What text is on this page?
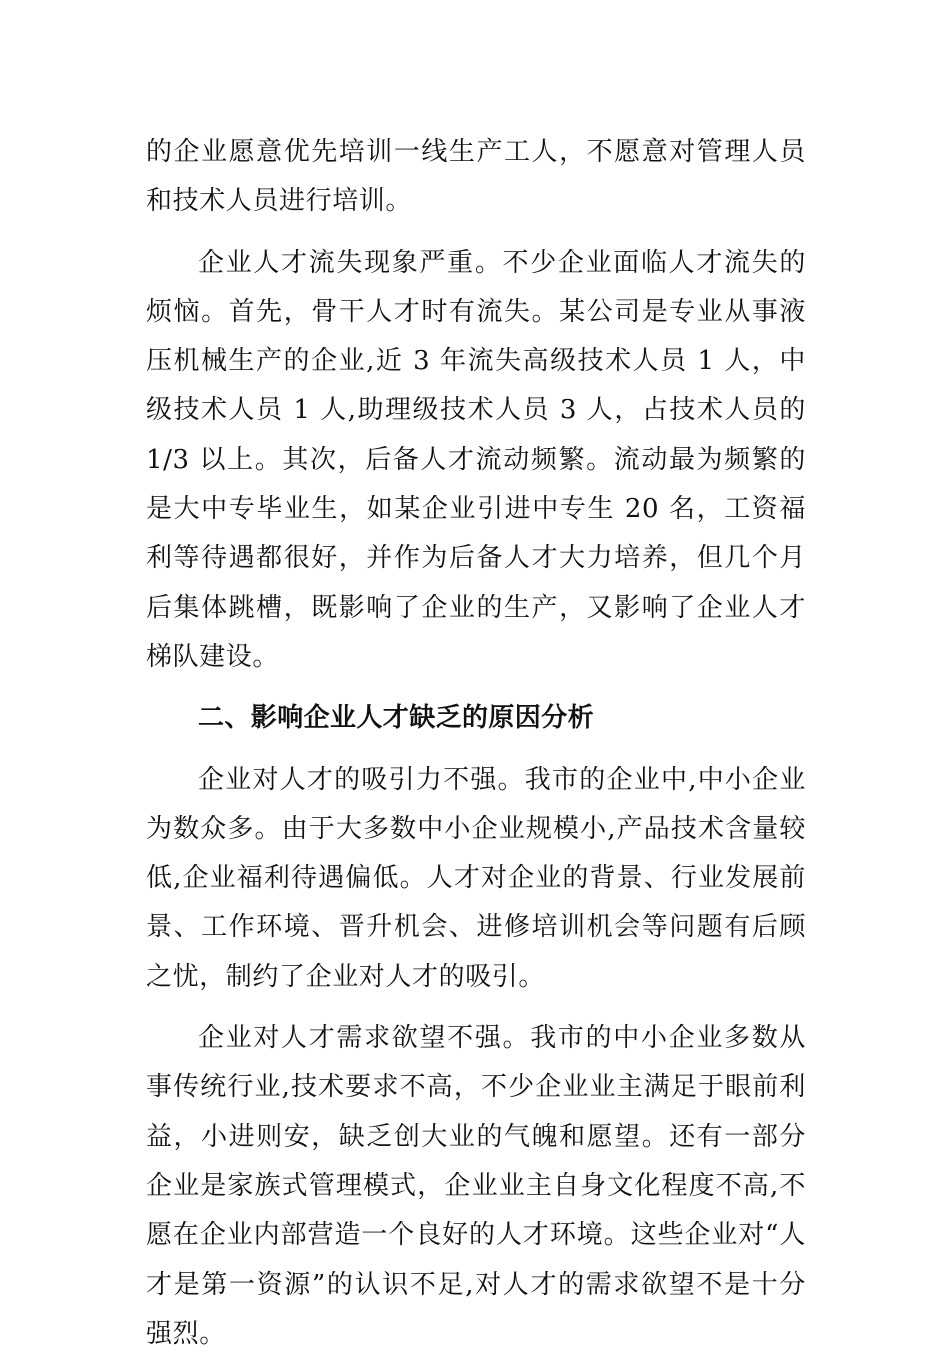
的企业愿意优先培训一线生产工人，不愿意对管理人员和技术人员进行培训。

企业人才流失现象严重。不少企业面临人才流失的烦恼。首先，骨干人才时有流失。某公司是专业从事液压机械生产的企业,近 3 年流失高级技术人员 1 人，中级技术人员 1 人,助理级技术人员 3 人，占技术人员的 1/3 以上。其次，后备人才流动频繁。流动最为频繁的是大中专毕业生，如某企业引进中专生 20 名，工资福利等待遇都很好，并作为后备人才大力培养，但几个月后集体跳槽，既影响了企业的生产，又影响了企业人才梯队建设。

二、影响企业人才缺乏的原因分析

企业对人才的吸引力不强。我市的企业中,中小企业为数众多。由于大多数中小企业规模小,产品技术含量较低,企业福利待遇偏低。人才对企业的背景、行业发展前景、工作环境、晋升机会、进修培训机会等问题有后顾之忧，制约了企业对人才的吸引。

企业对人才需求欲望不强。我市的中小企业多数从事传统行业,技术要求不高，不少企业业主满足于眼前利益，小进则安，缺乏创大业的气魄和愿望。还有一部分企业是家族式管理模式，企业业主自身文化程度不高,不愿在企业内部营造一个良好的人才环境。这些企业对“人才是第一资源”的认识不足,对人才的需求欲望不是十分强烈。
